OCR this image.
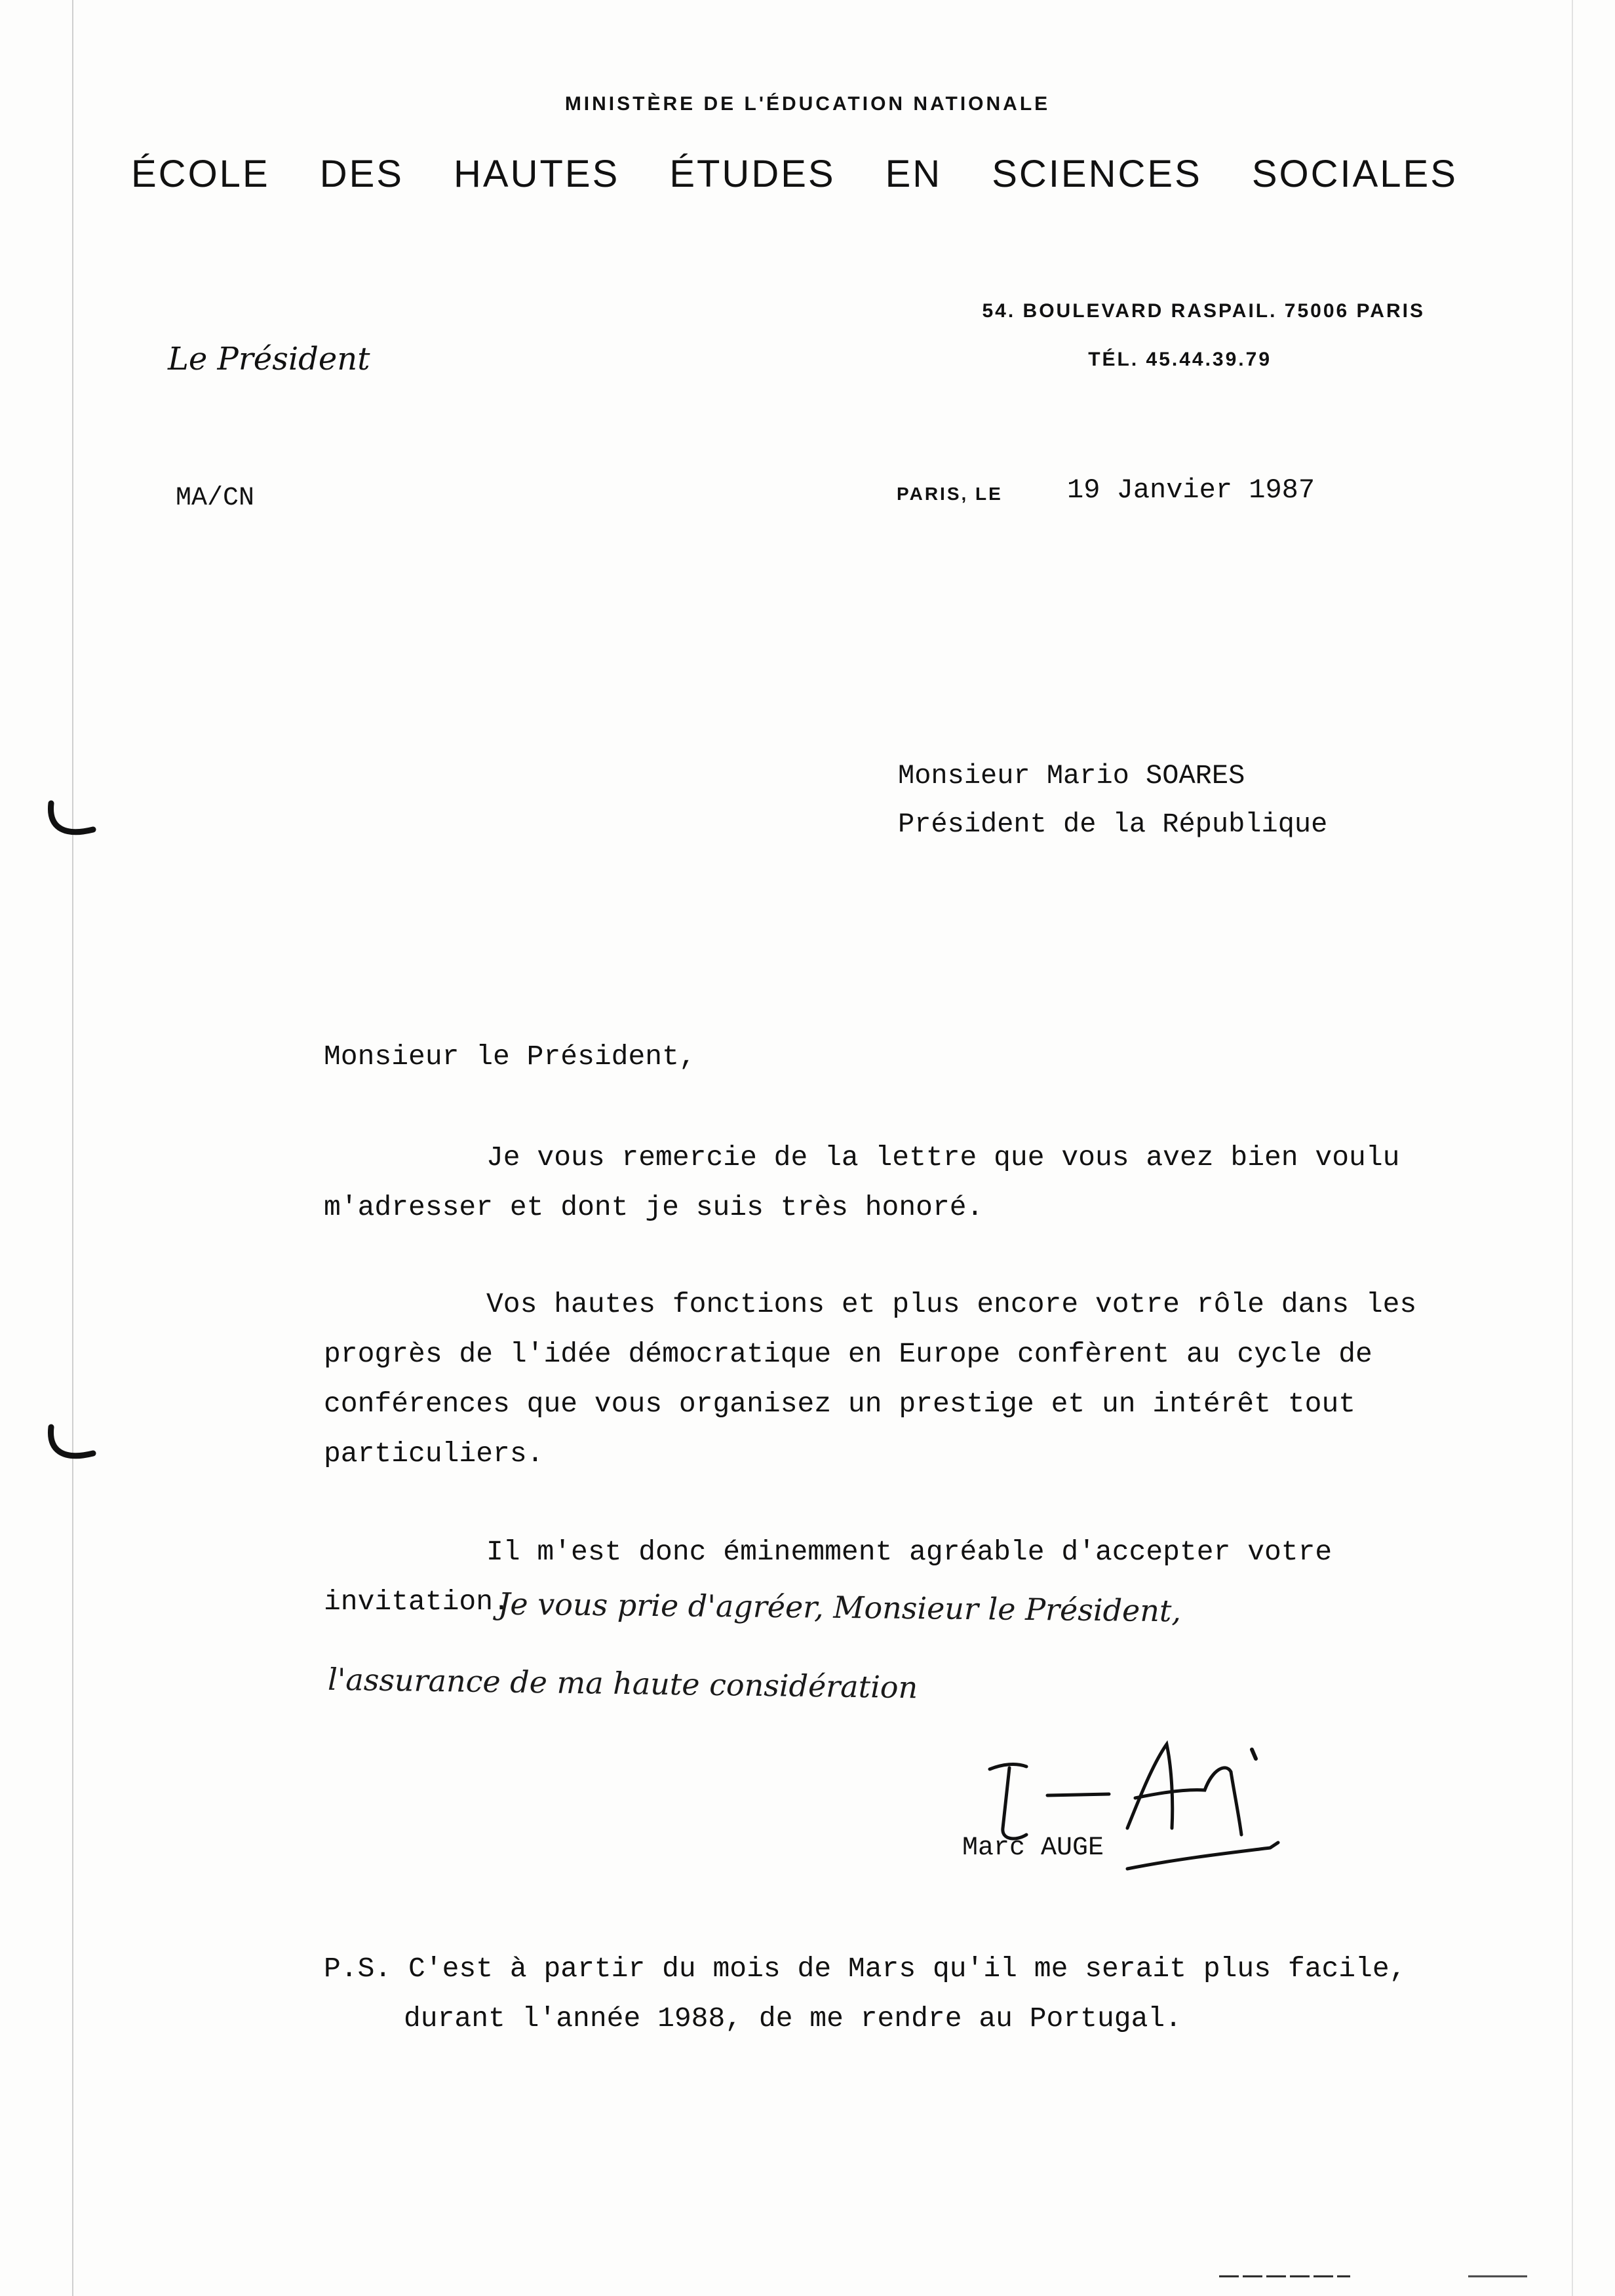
MINISTÈRE DE L'ÉDUCATION NATIONALE
ÉCOLE DES HAUTES ÉTUDES EN SCIENCES SOCIALES
54. BOULEVARD RASPAIL. 75006 PARIS
TÉL. 45.44.39.79
Le Président
MA/CN	PARIS, LE 19 Janvier 1987
Monsieur Mario SOARES
Président de la République
Monsieur le Président,
Je vous remercie de la lettre que vous avez bien voulu
m'adresser et dont je suis très honoré.
Vos hautes fonctions et plus encore votre rôle dans les
progrès de l'idée démocratique en Europe confèrent au cycle de
conférences que vous organisez un prestige et un intérêt tout
particuliers.
Il m'est donc éminemment agréable d'accepter votre
invitation.
Je vous prie d'agréer, Monsieur le Président,
l'assurance de ma haute considération
Marc AUGE
P.S. C'est à partir du mois de Mars qu'il me serait plus facile,
durant l'année 1988, de me rendre au Portugal.
